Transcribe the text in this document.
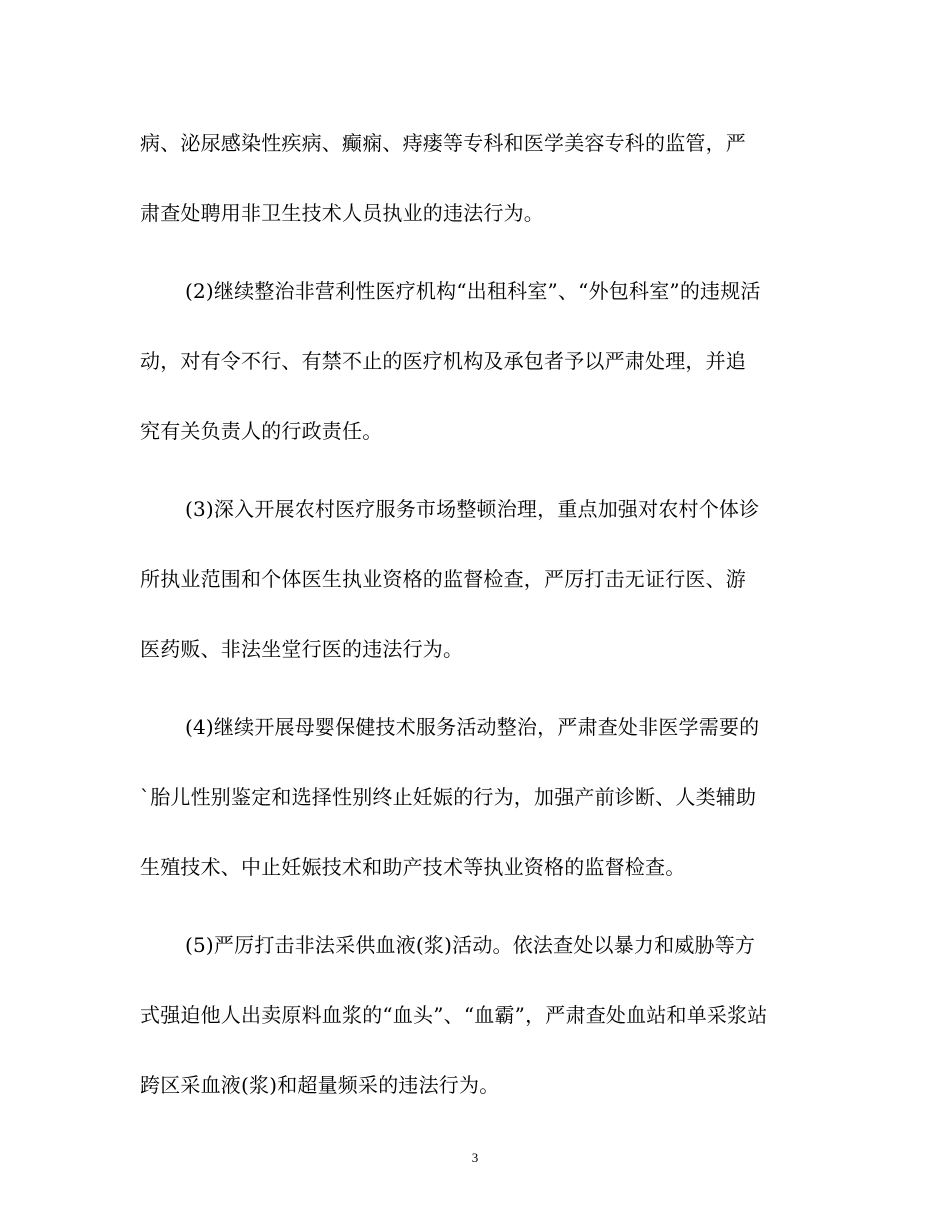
病、泌尿感染性疾病、癫痫、痔瘘等专科和医学美容专科的监管，严
肃查处聘用非卫生技术人员执业的违法行为。
(2)继续整治非营利性医疗机构“出租科室”、“外包科室”的违规活
动，对有令不行、有禁不止的医疗机构及承包者予以严肃处理，并追
究有关负责人的行政责任。
(3)深入开展农村医疗服务市场整顿治理，重点加强对农村个体诊
所执业范围和个体医生执业资格的监督检查，严厉打击无证行医、游
医药贩、非法坐堂行医的违法行为。
(4)继续开展母婴保健技术服务活动整治，严肃查处非医学需要的
`胎儿性别鉴定和选择性别终止妊娠的行为，加强产前诊断、人类辅助
生殖技术、中止妊娠技术和助产技术等执业资格的监督检查。
(5)严厉打击非法采供血液(浆)活动。依法查处以暴力和威胁等方
式强迫他人出卖原料血浆的“血头”、“血霸”，严肃查处血站和单采浆站
跨区采血液(浆)和超量频采的违法行为。
3
